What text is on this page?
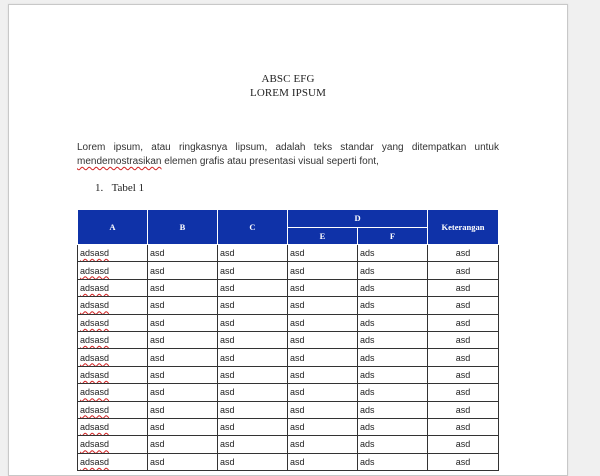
ABSC EFG
LOREM IPSUM
Lorem ipsum, atau ringkasnya lipsum, adalah teks standar yang ditempatkan untuk
mendemostrasikan elemen grafis atau presentasi visual seperti font,
1. Tabel 1
A	B	C	D		Keterangan
			E	F	
adsasd	asd	asd	asd	ads	asd
adsasd	asd	asd	asd	ads	asd
adsasd	asd	asd	asd	ads	asd
adsasd	asd	asd	asd	ads	asd
adsasd	asd	asd	asd	ads	asd
adsasd	asd	asd	asd	ads	asd
adsasd	asd	asd	asd	ads	asd
adsasd	asd	asd	asd	ads	asd
adsasd	asd	asd	asd	ads	asd
adsasd	asd	asd	asd	ads	asd
adsasd	asd	asd	asd	ads	asd
adsasd	asd	asd	asd	ads	asd
adsasd	asd	asd	asd	ads	asd
